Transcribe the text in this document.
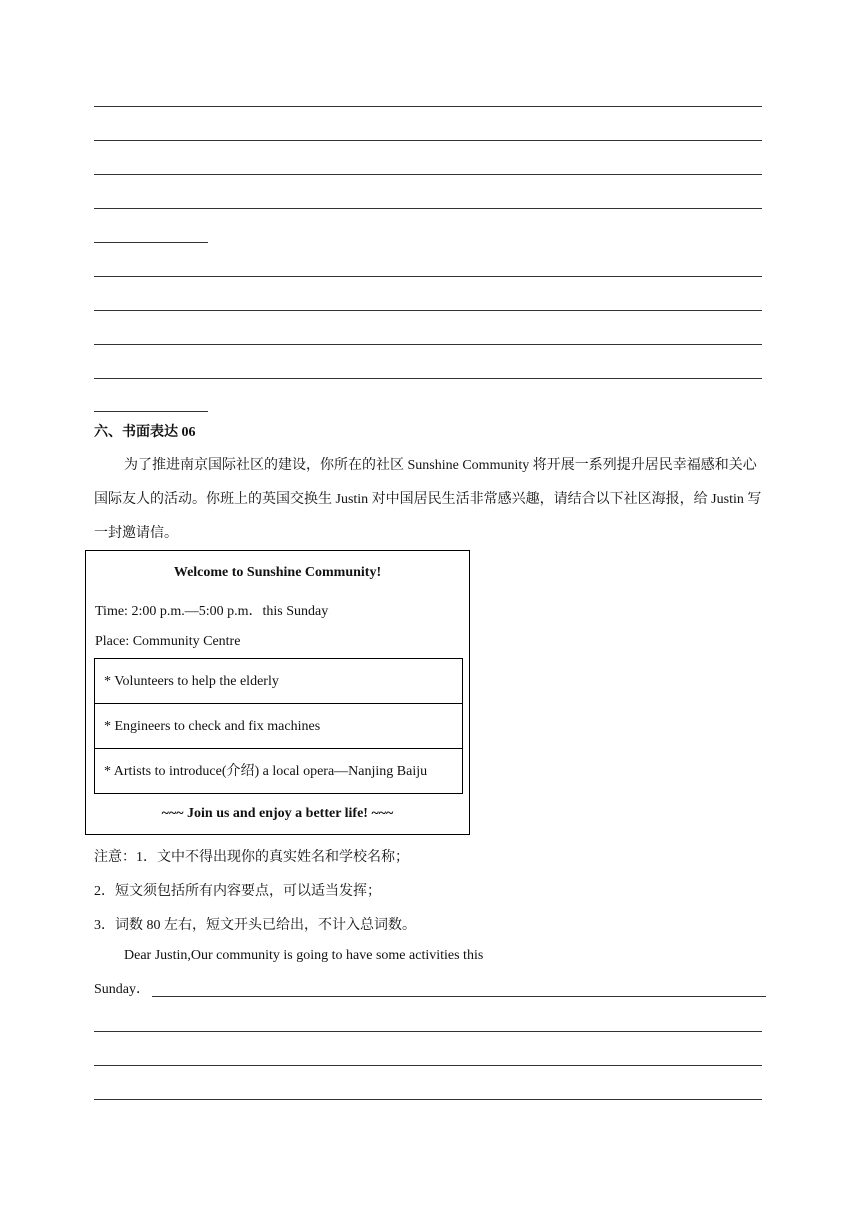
六、书面表达 06
为了推进南京国际社区的建设，你所在的社区 Sunshine Community 将开展一系列提升居民幸福感和关心国际友人的活动。你班上的英国交换生 Justin 对中国居民生活非常感兴趣，请结合以下社区海报，给 Justin 写一封邀请信。
Welcome to Sunshine Community!
Time: 2:00 p.m.—5:00 p.m．this Sunday
Place: Community Centre
* Volunteers to help the elderly
* Engineers to check and fix machines
* Artists to introduce(介绍) a local opera—Nanjing Baiju
~~~ Join us and enjoy a better life! ~~~
注意：1．文中不得出现你的真实姓名和学校名称；
2．短文须包括所有内容要点，可以适当发挥；
3．词数 80 左右，短文开头已给出，不计入总词数。
Dear Justin,Our community is going to have some activities this
Sunday．
